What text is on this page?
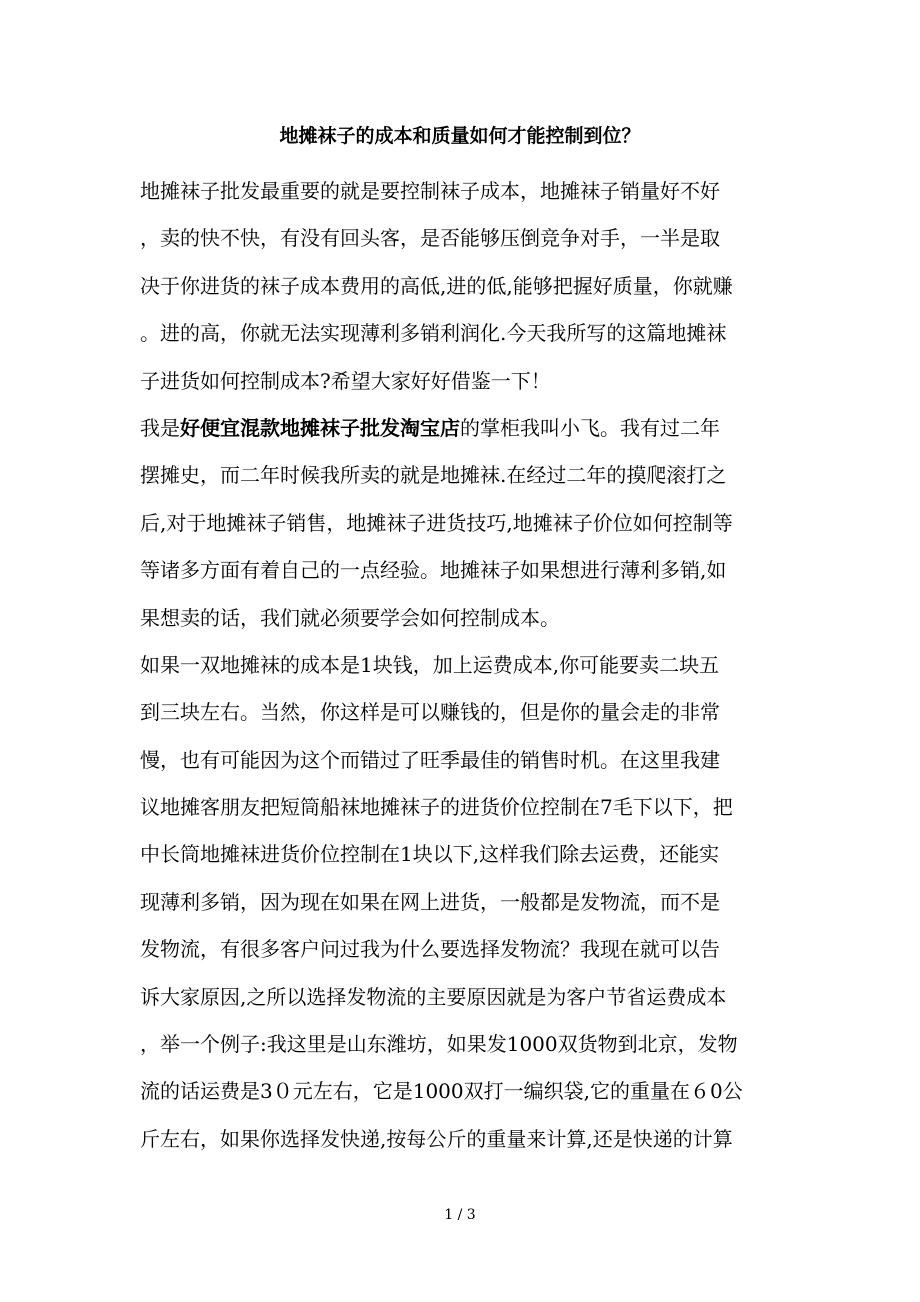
地摊袜子的成本和质量如何才能控制到位？

地摊袜子批发最重要的就是要控制袜子成本，地摊袜子销量好不好
，卖的快不快，有没有回头客，是否能够压倒竞争对手，一半是取
决于你进货的袜子成本费用的高低,进的低,能够把握好质量，你就赚
。进的高，你就无法实现薄利多销利润化.今天我所写的这篇地摊袜
子进货如何控制成本?希望大家好好借鉴一下！

我是好便宜混款地摊袜子批发淘宝店的掌柜我叫小飞。我有过二年
摆摊史，而二年时候我所卖的就是地摊袜.在经过二年的摸爬滚打之
后,对于地摊袜子销售，地摊袜子进货技巧,地摊袜子价位如何控制等
等诸多方面有着自己的一点经验。地摊袜子如果想进行薄利多销,如
果想卖的话，我们就必须要学会如何控制成本。

如果一双地摊袜的成本是1块钱，加上运费成本,你可能要卖二块五
到三块左右。当然，你这样是可以赚钱的，但是你的量会走的非常
慢，也有可能因为这个而错过了旺季最佳的销售时机。在这里我建
议地摊客朋友把短筒船袜地摊袜子的进货价位控制在7毛下以下，把
中长筒地摊袜进货价位控制在1块以下,这样我们除去运费，还能实
现薄利多销，因为现在如果在网上进货，一般都是发物流，而不是
发物流，有很多客户问过我为什么要选择发物流？我现在就可以告
诉大家原因,之所以选择发物流的主要原因就是为客户节省运费成本
，举一个例子:我这里是山东潍坊，如果发1000双货物到北京，发物
流的话运费是3０元左右，它是1000双打一编织袋,它的重量在６0公
斤左右，如果你选择发快递,按每公斤的重量来计算,还是快递的计算

1 / 3
